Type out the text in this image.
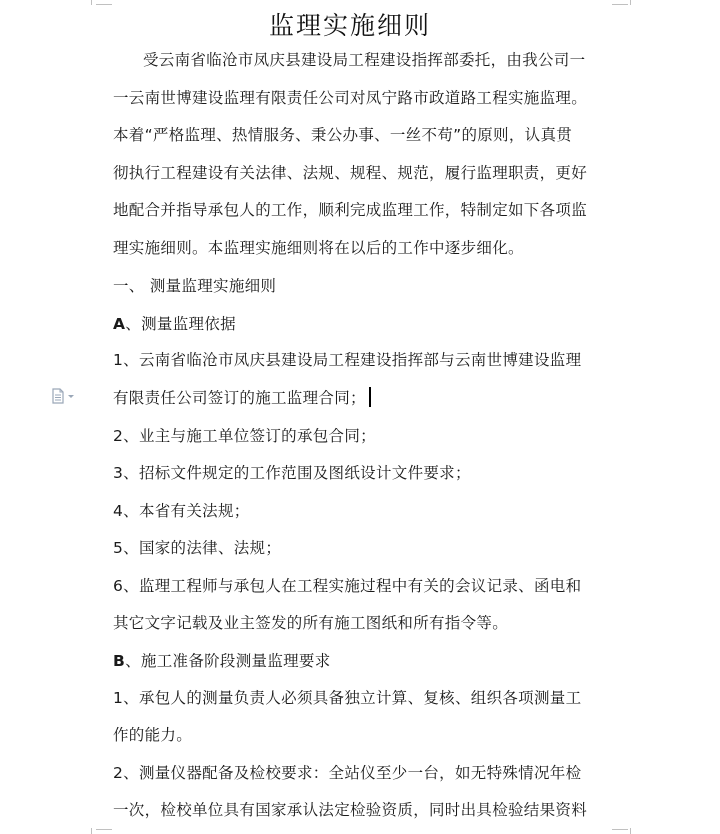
监理实施细则
受云南省临沧市凤庆县建设局工程建设指挥部委托，由我公司一
一云南世博建设监理有限责任公司对凤宁路市政道路工程实施监理。
本着“严格监理、热情服务、秉公办事、一丝不苟”的原则，认真贯
彻执行工程建设有关法律、法规、规程、规范，履行监理职责，更好
地配合并指导承包人的工作，顺利完成监理工作，特制定如下各项监
理实施细则。本监理实施细则将在以后的工作中逐步细化。
一、 测量监理实施细则
A、测量监理依据
1、云南省临沧市凤庆县建设局工程建设指挥部与云南世博建设监理
有限责任公司签订的施工监理合同；
2、业主与施工单位签订的承包合同；
3、招标文件规定的工作范围及图纸设计文件要求；
4、本省有关法规；
5、国家的法律、法规；
6、监理工程师与承包人在工程实施过程中有关的会议记录、函电和
其它文字记载及业主签发的所有施工图纸和所有指令等。
B、施工准备阶段测量监理要求
1、承包人的测量负责人必须具备独立计算、复核、组织各项测量工
作的能力。
2、测量仪器配备及检校要求：全站仪至少一台，如无特殊情况年检
一次，检校单位具有国家承认法定检验资质，同时出具检验结果资料
